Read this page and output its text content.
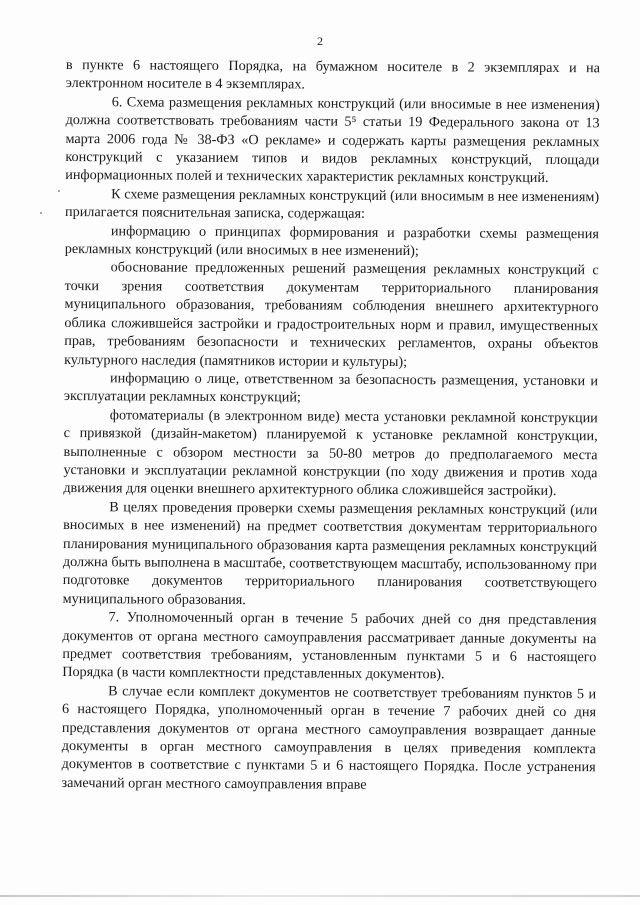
2

в пункте 6 настоящего Порядка, на бумажном носителе в 2 экземплярах и на электронном носителе в 4 экземплярах.

6. Схема размещения рекламных конструкций (или вносимые в нее изменения) должна соответствовать требованиям части 5⁵ статьи 19 Федерального закона от 13 марта 2006 года № 38-ФЗ «О рекламе» и содержать карты размещения рекламных конструкций с указанием типов и видов рекламных конструкций, площади информационных полей и технических характеристик рекламных конструкций.

К схеме размещения рекламных конструкций (или вносимым в нее изменениям) прилагается пояснительная записка, содержащая:

информацию о принципах формирования и разработки схемы размещения рекламных конструкций (или вносимых в нее изменений);

обоснование предложенных решений размещения рекламных конструкций с точки зрения соответствия документам территориального планирования муниципального образования, требованиям соблюдения внешнего архитектурного облика сложившейся застройки и градостроительных норм и правил, имущественных прав, требованиям безопасности и технических регламентов, охраны объектов культурного наследия (памятников истории и культуры);

информацию о лице, ответственном за безопасность размещения, установки и эксплуатации рекламных конструкций;

фотоматериалы (в электронном виде) места установки рекламной конструкции с привязкой (дизайн-макетом) планируемой к установке рекламной конструкции, выполненные с обзором местности за 50-80 метров до предполагаемого места установки и эксплуатации рекламной конструкции (по ходу движения и против хода движения для оценки внешнего архитектурного облика сложившейся застройки).

В целях проведения проверки схемы размещения рекламных конструкций (или вносимых в нее изменений) на предмет соответствия документам территориального планирования муниципального образования карта размещения рекламных конструкций должна быть выполнена в масштабе, соответствующем масштабу, использованному при подготовке документов территориального планирования соответствующего муниципального образования.

7. Уполномоченный орган в течение 5 рабочих дней со дня представления документов от органа местного самоуправления рассматривает данные документы на предмет соответствия требованиям, установленным пунктами 5 и 6 настоящего Порядка (в части комплектности представленных документов).

В случае если комплект документов не соответствует требованиям пунктов 5 и 6 настоящего Порядка, уполномоченный орган в течение 7 рабочих дней со дня представления документов от органа местного самоуправления возвращает данные документы в орган местного самоуправления в целях приведения комплекта документов в соответствие с пунктами 5 и 6 настоящего Порядка. После устранения замечаний орган местного самоуправления вправе
